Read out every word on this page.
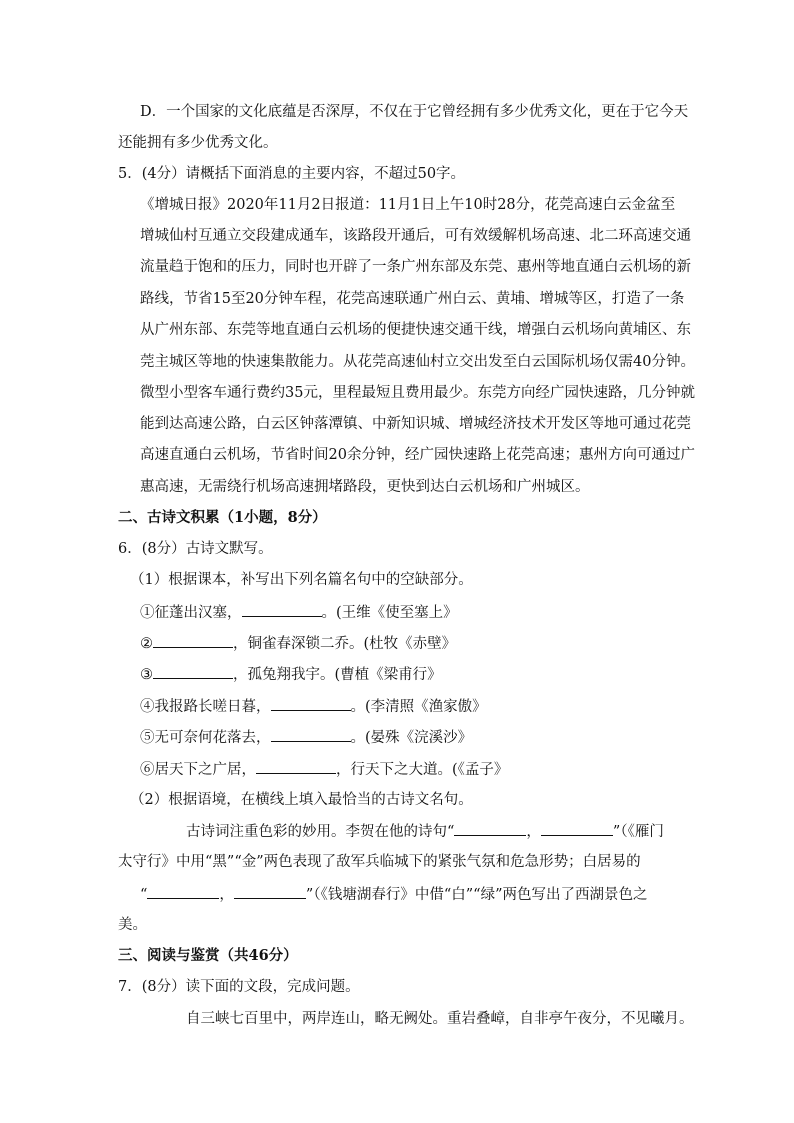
D．一个国家的文化底蕴是否深厚，不仅在于它曾经拥有多少优秀文化，更在于它今天
还能拥有多少优秀文化。
5．(4分）请概括下面消息的主要内容，不超过50字。
《增城日报》2020年11月2日报道：11月1日上午10时28分，花莞高速白云金盆至
增城仙村互通立交段建成通车，该路段开通后，可有效缓解机场高速、北二环高速交通
流量趋于饱和的压力，同时也开辟了一条广州东部及东莞、惠州等地直通白云机场的新
路线，节省15至20分钟车程，花莞高速联通广州白云、黄埔、增城等区，打造了一条
从广州东部、东莞等地直通白云机场的便捷快速交通干线，增强白云机场向黄埔区、东
莞主城区等地的快速集散能力。从花莞高速仙村立交出发至白云国际机场仅需40分钟。
微型小型客车通行费约35元，里程最短且费用最少。东莞方向经广园快速路，几分钟就
能到达高速公路，白云区钟落潭镇、中新知识城、增城经济技术开发区等地可通过花莞
高速直通白云机场，节省时间20余分钟，经广园快速路上花莞高速；惠州方向可通过广
惠高速，无需绕行机场高速拥堵路段，更快到达白云机场和广州城区。
二、古诗文积累（1小题，8分）
6．(8分）古诗文默写。
（1）根据课本，补写出下列名篇名句中的空缺部分。
①征蓬出汉塞，	。(王维《使至塞上》
②	，铜雀春深锁二乔。(杜牧《赤壁》
③	，孤兔翔我宇。(曹植《梁甫行》
④我报路长嗟日暮，	。(李清照《渔家傲》
⑤无可奈何花落去，	。(晏殊《浣溪沙》
⑥居天下之广居，	，行天下之大道。(《孟子》
（2）根据语境，在横线上填入最恰当的古诗文名句。
古诗词注重色彩的妙用。李贺在他的诗句“	，	”（《雁门
太守行》中用“黑”“金”两色表现了敌军兵临城下的紧张气氛和危急形势；白居易的
“	，	”（《钱塘湖春行》中借“白”“绿”两色写出了西湖景色之
美。
三、阅读与鉴赏（共46分）
7．(8分）读下面的文段，完成问题。
自三峡七百里中，两岸连山，略无阙处。重岩叠嶂，自非亭午夜分，不见曦月。
